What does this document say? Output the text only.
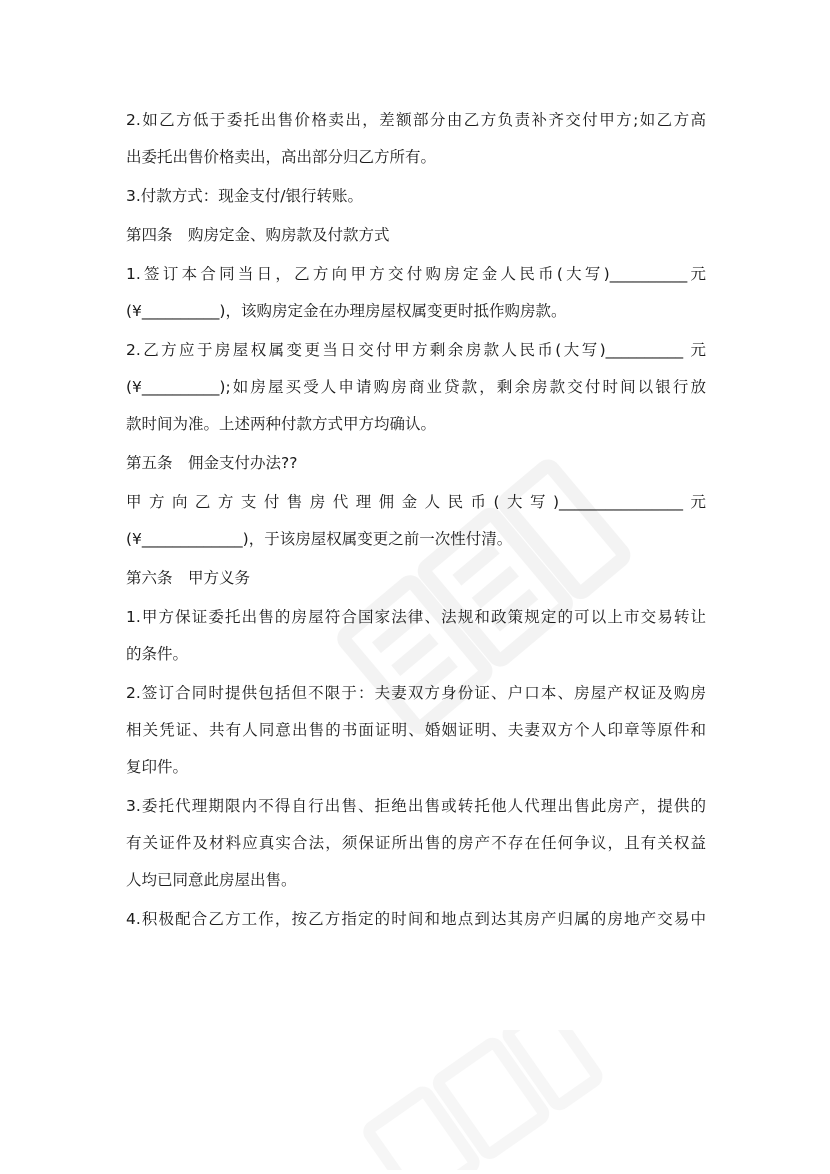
2.如乙方低于委托出售价格卖出，差额部分由乙方负责补齐交付甲方;如乙方高
出委托出售价格卖出，高出部分归乙方所有。
3.付款方式：现金支付/银行转账。
第四条　购房定金、购房款及付款方式
1.签订本合同当日，乙方向甲方交付购房定金人民币(大写)__________元
(¥__________)，该购房定金在办理房屋权属变更时抵作购房款。
2.乙方应于房屋权属变更当日交付甲方剩余房款人民币(大写)__________ 元
(¥__________);如房屋买受人申请购房商业贷款，剩余房款交付时间以银行放
款时间为准。上述两种付款方式甲方均确认。
第五条　佣金支付办法??
甲方向乙方支付售房代理佣金人民币(大写)________________元
(¥_____________)，于该房屋权属变更之前一次性付清。
第六条　甲方义务
1.甲方保证委托出售的房屋符合国家法律、法规和政策规定的可以上市交易转让
的条件。
2.签订合同时提供包括但不限于：夫妻双方身份证、户口本、房屋产权证及购房
相关凭证、共有人同意出售的书面证明、婚姻证明、夫妻双方个人印章等原件和
复印件。
3.委托代理期限内不得自行出售、拒绝出售或转托他人代理出售此房产，提供的
有关证件及材料应真实合法，须保证所出售的房产不存在任何争议，且有关权益
人均已同意此房屋出售。
4.积极配合乙方工作，按乙方指定的时间和地点到达其房产归属的房地产交易中
